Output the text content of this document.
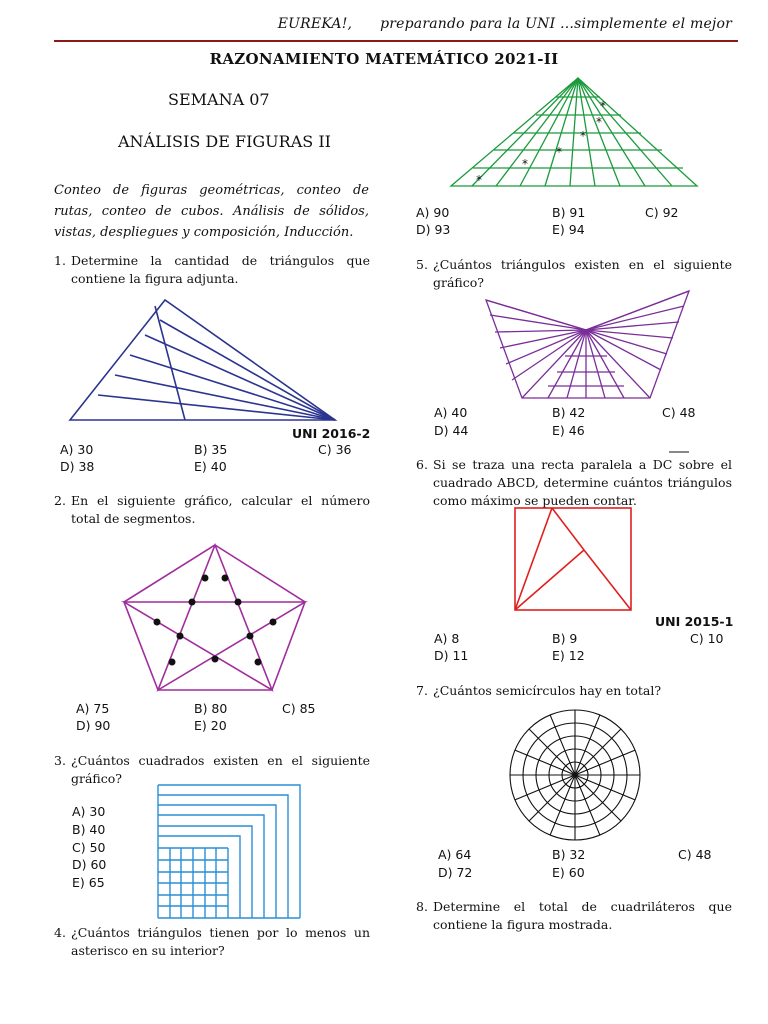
EUREKA!,      preparando para la UNI …simplemente el mejor
RAZONAMIENTO MATEMÁTICO 2021-II
SEMANA 07
ANÁLISIS DE FIGURAS II
Conteo de figuras geométricas, conteo de rutas, conteo de cubos. Análisis de sólidos, vistas, despliegues y composición, Inducción.
1. Determine la cantidad de triángulos que contiene la figura adjunta.
UNI 2016-2
A) 30	B) 35	C) 36
D) 38	E) 40
2. En el siguiente gráfico, calcular el número total de segmentos.
A) 75	B) 80	C) 85
D) 90	E) 20
3. ¿Cuántos cuadrados existen en el siguiente gráfico?
A) 30
B) 40
C) 50
D) 60
E) 65
4. ¿Cuántos triángulos tienen por lo menos un asterisco en su interior?
*
*
*
*
*
*
A) 90	B) 91	C) 92
D) 93	E) 94
5. ¿Cuántos triángulos existen en el siguiente gráfico?
A) 40	B) 42	C) 48
D) 44	E) 46
6. Si se traza una recta paralela a DC sobre el cuadrado ABCD, determine cuántos triángulos como máximo se pueden contar.
UNI 2015-1
A) 8	B) 9	C) 10
D) 11	E) 12
7. ¿Cuántos semicírculos hay en total?
A) 64	B) 32	C) 48
D) 72	E) 60
8. Determine el total de cuadriláteros que contiene la figura mostrada.
